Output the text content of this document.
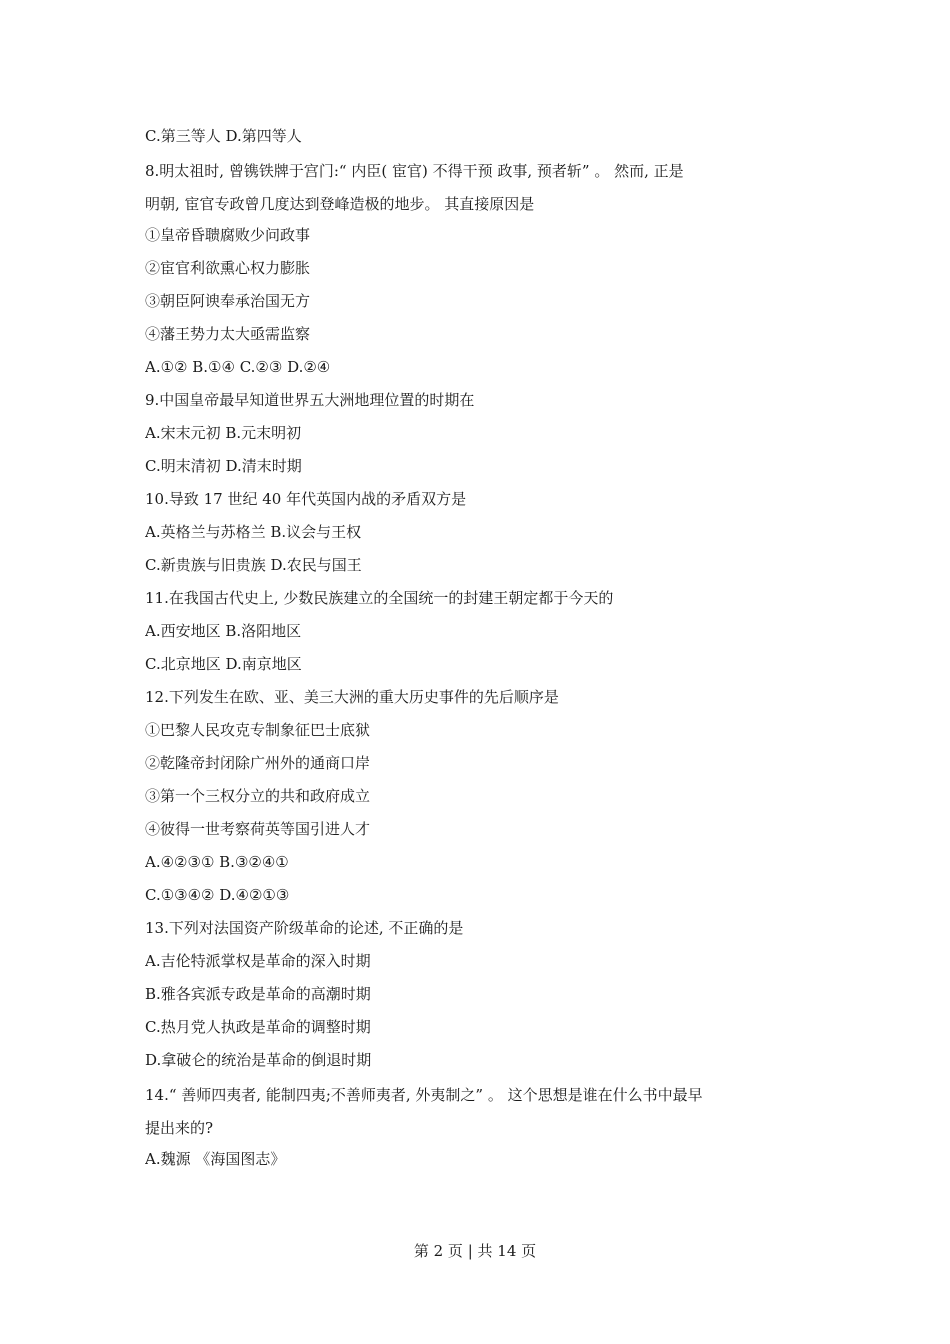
C.第三等人 D.第四等人
8.明太祖时, 曾镌铁牌于宫门:“ 内臣( 宦官) 不得干预 政事, 预者斩” 。 然而, 正是
明朝, 宦官专政曾几度达到登峰造极的地步。 其直接原因是
①皇帝昏聩腐败少问政事
②宦官利欲熏心权力膨胀
③朝臣阿谀奉承治国无方
④藩王势力太大亟需监察
A.①② B.①④ C.②③ D.②④
9.中国皇帝最早知道世界五大洲地理位置的时期在
A.宋末元初 B.元末明初
C.明末清初 D.清末时期
10.导致 17 世纪 40 年代英国内战的矛盾双方是
A.英格兰与苏格兰 B.议会与王权
C.新贵族与旧贵族 D.农民与国王
11.在我国古代史上, 少数民族建立的全国统一的封建王朝定都于今天的
A.西安地区 B.洛阳地区
C.北京地区 D.南京地区
12.下列发生在欧、亚、美三大洲的重大历史事件的先后顺序是
①巴黎人民攻克专制象征巴士底狱
②乾隆帝封闭除广州外的通商口岸
③第一个三权分立的共和政府成立
④彼得一世考察荷英等国引进人才
A.④②③① B.③②④①
C.①③④② D.④②①③
13.下列对法国资产阶级革命的论述, 不正确的是
A.吉伦特派掌权是革命的深入时期
B.雅各宾派专政是革命的高潮时期
C.热月党人执政是革命的调整时期
D.拿破仑的统治是革命的倒退时期
14.“ 善师四夷者, 能制四夷;不善师夷者, 外夷制之” 。 这个思想是谁在什么书中最早
提出来的?
A.魏源 《海国图志》
第 2 页 | 共 14 页
